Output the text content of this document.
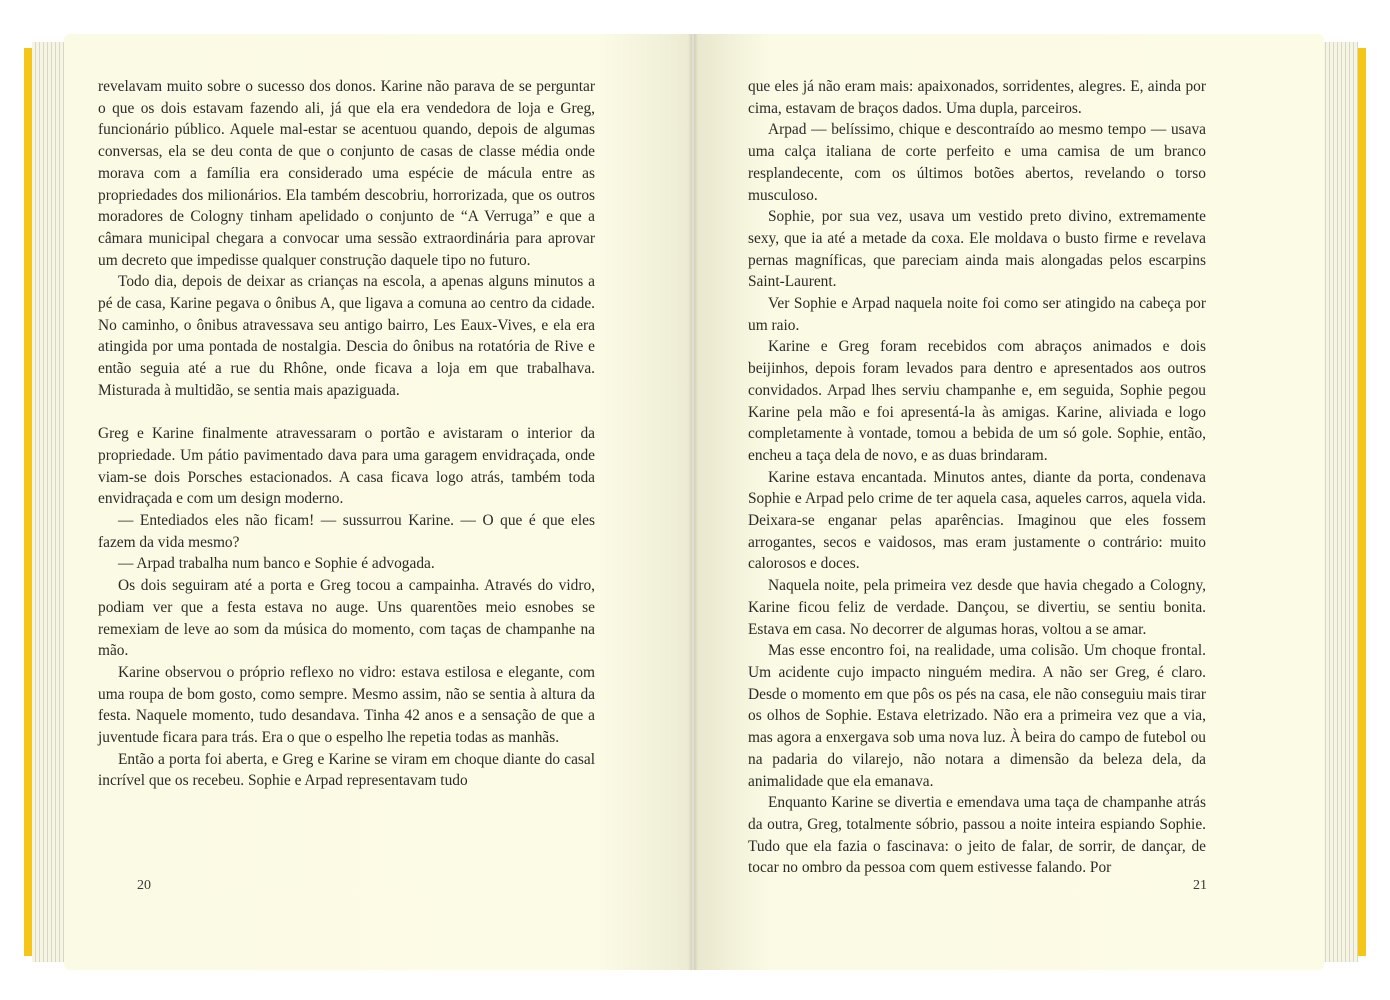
revelavam muito sobre o sucesso dos donos. Karine não parava de se perguntar o que os dois estavam fazendo ali, já que ela era vendedora de loja e Greg, funcionário público. Aquele mal-estar se acentuou quando, depois de algumas conversas, ela se deu conta de que o conjunto de casas de classe média onde morava com a família era considerado uma espécie de mácula entre as propriedades dos milionários. Ela também descobriu, horrorizada, que os outros moradores de Cologny tinham apelidado o conjunto de “A Verruga” e que a câmara municipal chegara a convocar uma sessão extraordinária para aprovar um decreto que impedisse qualquer construção daquele tipo no futuro.

Todo dia, depois de deixar as crianças na escola, a apenas alguns minutos a pé de casa, Karine pegava o ônibus A, que ligava a comuna ao centro da cidade. No caminho, o ônibus atravessava seu antigo bairro, Les Eaux-Vives, e ela era atingida por uma pontada de nostalgia. Descia do ônibus na rotatória de Rive e então seguia até a rue du Rhône, onde ficava a loja em que trabalhava. Misturada à multidão, se sentia mais apaziguada.

Greg e Karine finalmente atravessaram o portão e avistaram o interior da propriedade. Um pátio pavimentado dava para uma garagem envidraçada, onde viam-se dois Porsches estacionados. A casa ficava logo atrás, também toda envidraçada e com um design moderno.

— Entediados eles não ficam! — sussurrou Karine. — O que é que eles fazem da vida mesmo?

— Arpad trabalha num banco e Sophie é advogada.

Os dois seguiram até a porta e Greg tocou a campainha. Através do vidro, podiam ver que a festa estava no auge. Uns quarentões meio esnobes se remexiam de leve ao som da música do momento, com taças de champanhe na mão.

Karine observou o próprio reflexo no vidro: estava estilosa e elegante, com uma roupa de bom gosto, como sempre. Mesmo assim, não se sentia à altura da festa. Naquele momento, tudo desandava. Tinha 42 anos e a sensação de que a juventude ficara para trás. Era o que o espelho lhe repetia todas as manhãs.

Então a porta foi aberta, e Greg e Karine se viram em choque diante do casal incrível que os recebeu. Sophie e Arpad representavam tudo

que eles já não eram mais: apaixonados, sorridentes, alegres. E, ainda por cima, estavam de braços dados. Uma dupla, parceiros.

Arpad — belíssimo, chique e descontraído ao mesmo tempo — usava uma calça italiana de corte perfeito e uma camisa de um branco resplandecente, com os últimos botões abertos, revelando o torso musculoso.

Sophie, por sua vez, usava um vestido preto divino, extremamente sexy, que ia até a metade da coxa. Ele moldava o busto firme e revelava pernas magníficas, que pareciam ainda mais alongadas pelos escarpins Saint-Laurent.

Ver Sophie e Arpad naquela noite foi como ser atingido na cabeça por um raio.

Karine e Greg foram recebidos com abraços animados e dois beijinhos, depois foram levados para dentro e apresentados aos outros convidados. Arpad lhes serviu champanhe e, em seguida, Sophie pegou Karine pela mão e foi apresentá-la às amigas. Karine, aliviada e logo completamente à vontade, tomou a bebida de um só gole. Sophie, então, encheu a taça dela de novo, e as duas brindaram.

Karine estava encantada. Minutos antes, diante da porta, condenava Sophie e Arpad pelo crime de ter aquela casa, aqueles carros, aquela vida. Deixara-se enganar pelas aparências. Imaginou que eles fossem arrogantes, secos e vaidosos, mas eram justamente o contrário: muito calorosos e doces.

Naquela noite, pela primeira vez desde que havia chegado a Cologny, Karine ficou feliz de verdade. Dançou, se divertiu, se sentiu bonita. Estava em casa. No decorrer de algumas horas, voltou a se amar.

Mas esse encontro foi, na realidade, uma colisão. Um choque frontal. Um acidente cujo impacto ninguém medira. A não ser Greg, é claro. Desde o momento em que pôs os pés na casa, ele não conseguiu mais tirar os olhos de Sophie. Estava eletrizado. Não era a primeira vez que a via, mas agora a enxergava sob uma nova luz. À beira do campo de futebol ou na padaria do vilarejo, não notara a dimensão da beleza dela, da animalidade que ela emanava.

Enquanto Karine se divertia e emendava uma taça de champanhe atrás da outra, Greg, totalmente sóbrio, passou a noite inteira espiando Sophie. Tudo que ela fazia o fascinava: o jeito de falar, de sorrir, de dançar, de tocar no ombro da pessoa com quem estivesse falando. Por

20	21
